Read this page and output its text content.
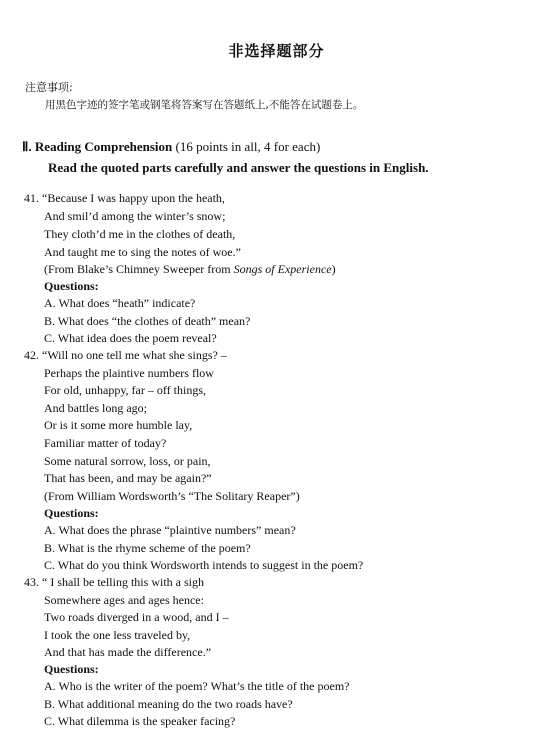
非选择题部分
注意事项:
用黑色字迹的签字笔或钢笔将答案写在答题纸上,不能答在试题卷上。
Ⅱ. Reading Comprehension (16 points in all, 4 for each)
Read the quoted parts carefully and answer the questions in English.
41. “Because I was happy upon the heath,
And smil’d among the winter’s snow;
They cloth’d me in the clothes of death,
And taught me to sing the notes of woe.”
(From Blake’s Chimney Sweeper from Songs of Experience)
Questions:
A. What does “heath” indicate?
B. What does “the clothes of death” mean?
C. What idea does the poem reveal?
42. “Will no one tell me what she sings? –
Perhaps the plaintive numbers flow
For old, unhappy, far – off things,
And battles long ago;
Or is it some more humble lay,
Familiar matter of today?
Some natural sorrow, loss, or pain,
That has been, and may be again?”
(From William Wordsworth’s “The Solitary Reaper”)
Questions:
A. What does the phrase “plaintive numbers” mean?
B. What is the rhyme scheme of the poem?
C. What do you think Wordsworth intends to suggest in the poem?
43. “ I shall be telling this with a sigh
Somewhere ages and ages hence:
Two roads diverged in a wood, and I –
I took the one less traveled by,
And that has made the difference.”
Questions:
A. Who is the writer of the poem? What’s the title of the poem?
B. What additional meaning do the two roads have?
C. What dilemma is the speaker facing?
